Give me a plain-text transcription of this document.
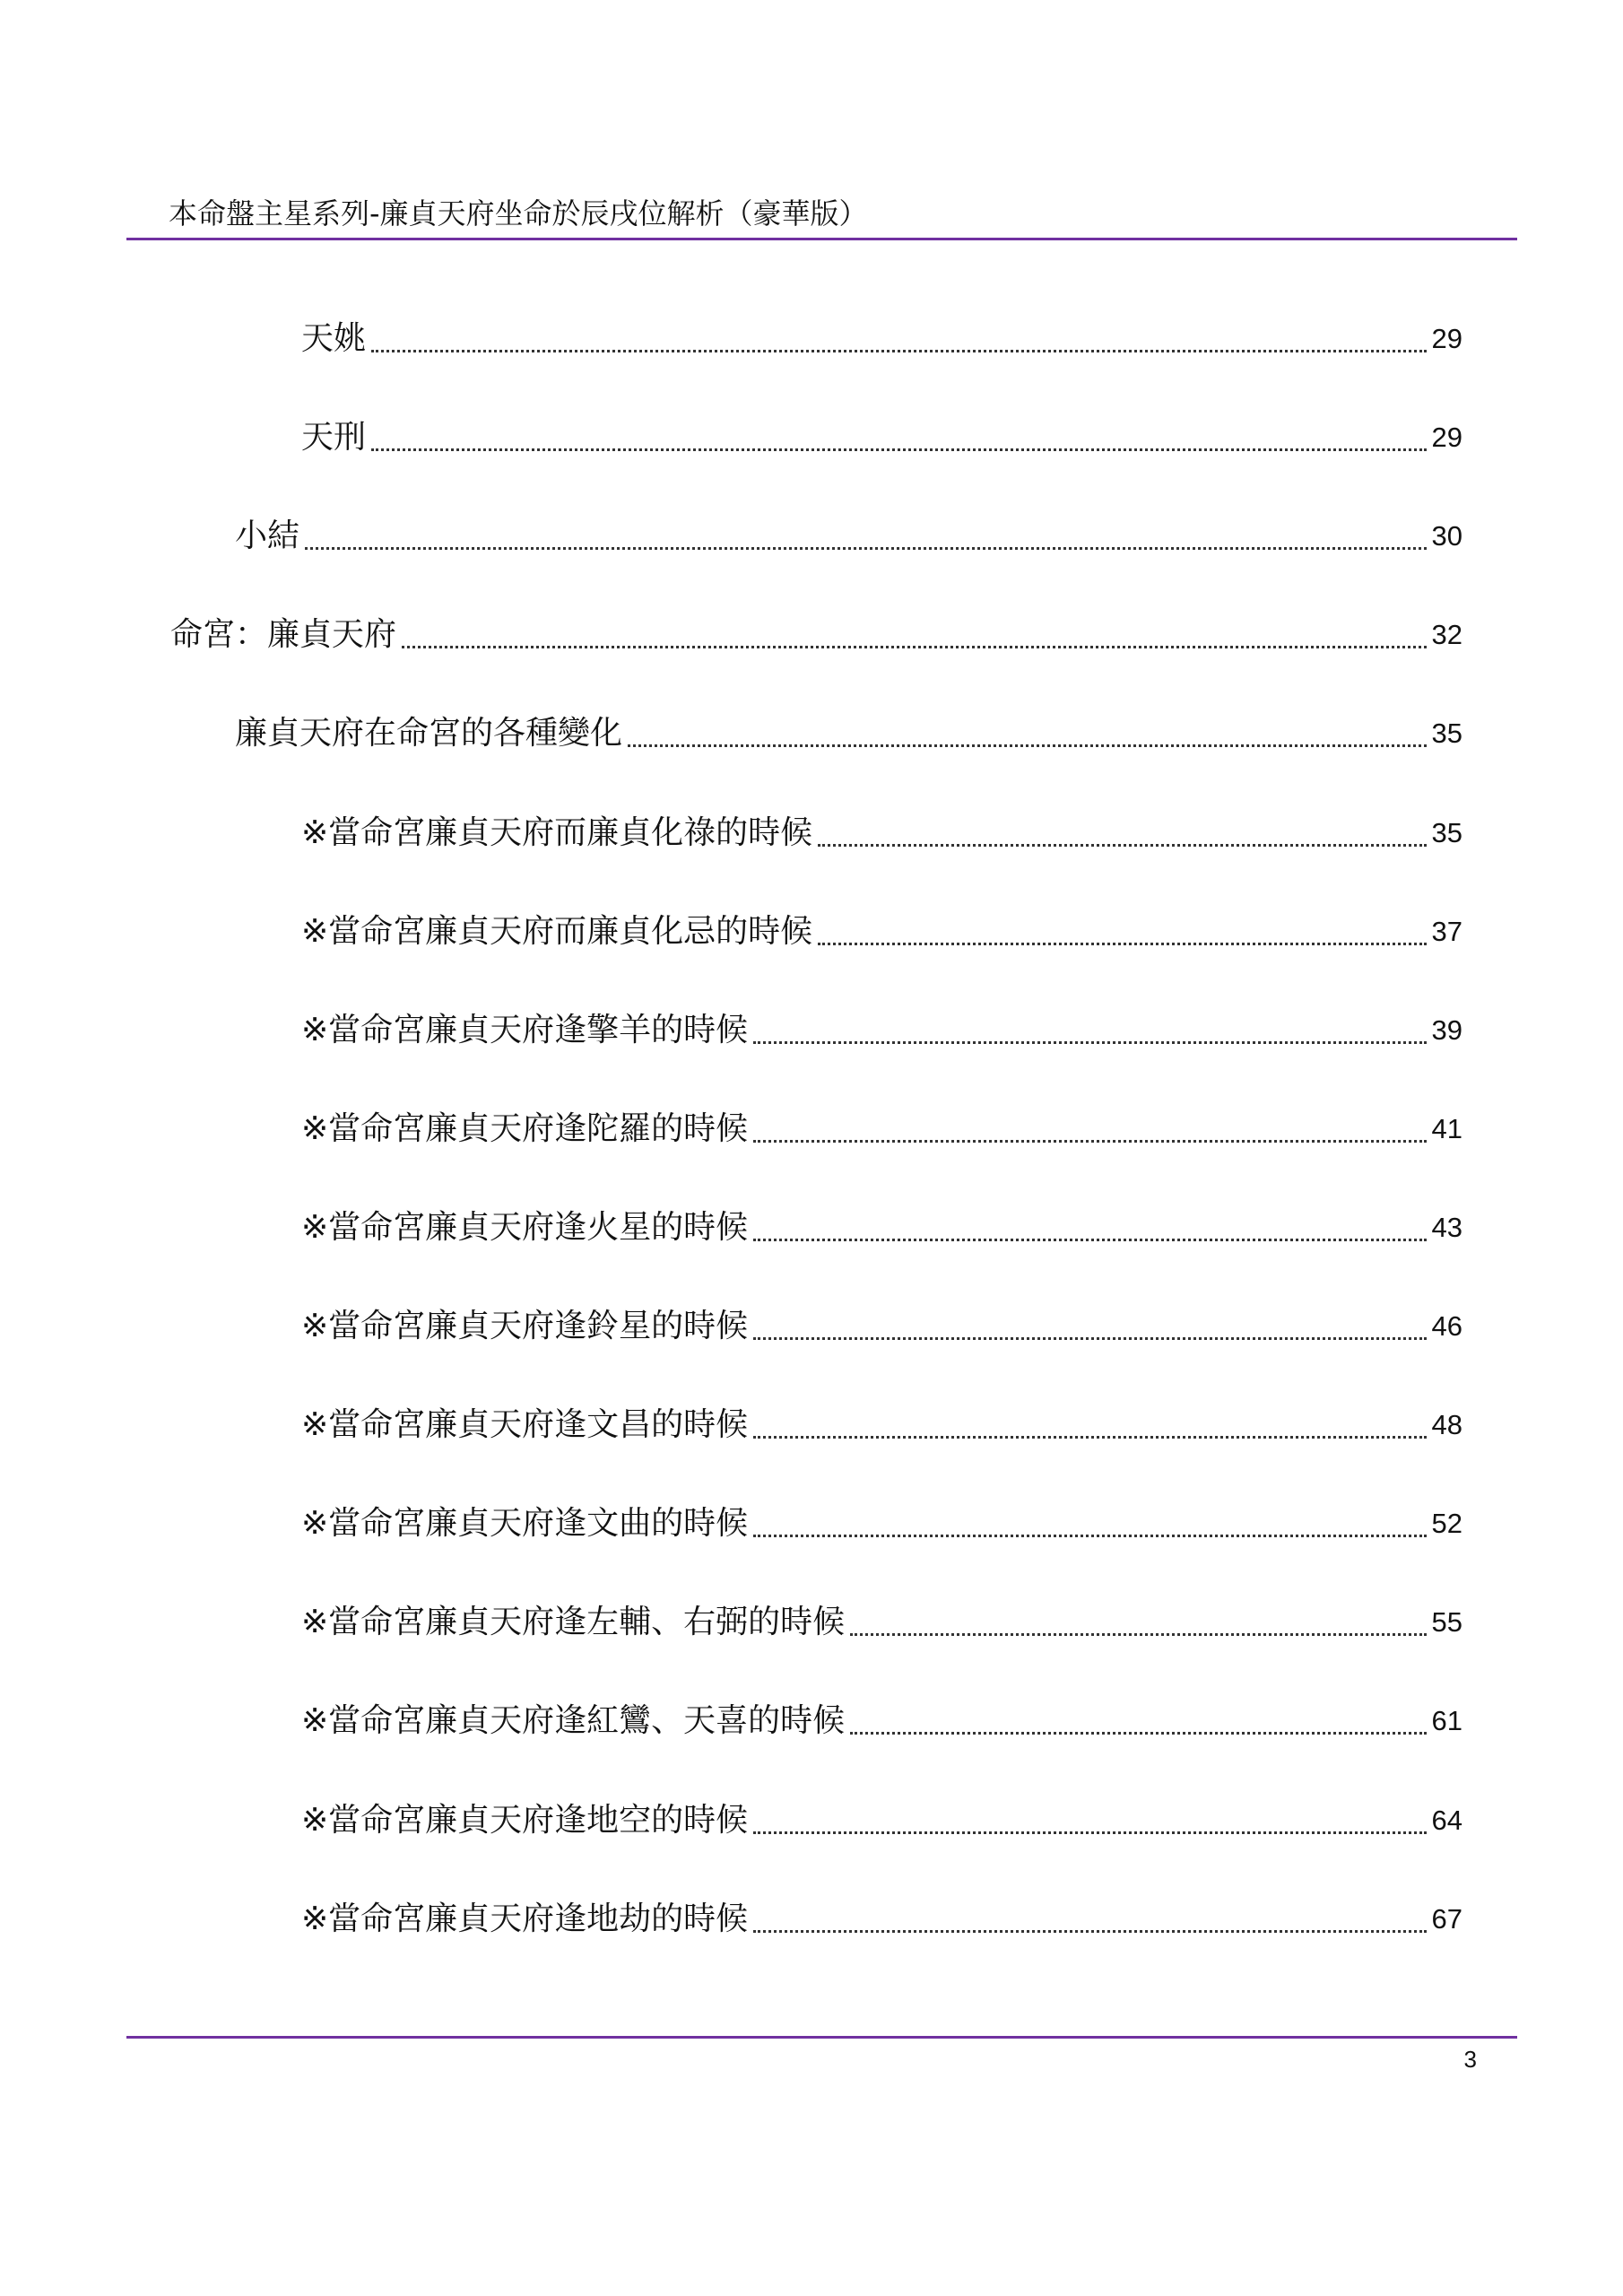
本命盤主星系列-廉貞天府坐命於辰戌位解析（豪華版）
天姚	29
天刑	29
小結	30
命宮：廉貞天府	32
廉貞天府在命宮的各種變化	35
※當命宮廉貞天府而廉貞化祿的時候	35
※當命宮廉貞天府而廉貞化忌的時候	37
※當命宮廉貞天府逢擎羊的時候	39
※當命宮廉貞天府逢陀羅的時候	41
※當命宮廉貞天府逢火星的時候	43
※當命宮廉貞天府逢鈴星的時候	46
※當命宮廉貞天府逢文昌的時候	48
※當命宮廉貞天府逢文曲的時候	52
※當命宮廉貞天府逢左輔、右弼的時候	55
※當命宮廉貞天府逢紅鸞、天喜的時候	61
※當命宮廉貞天府逢地空的時候	64
※當命宮廉貞天府逢地劫的時候	67
3
